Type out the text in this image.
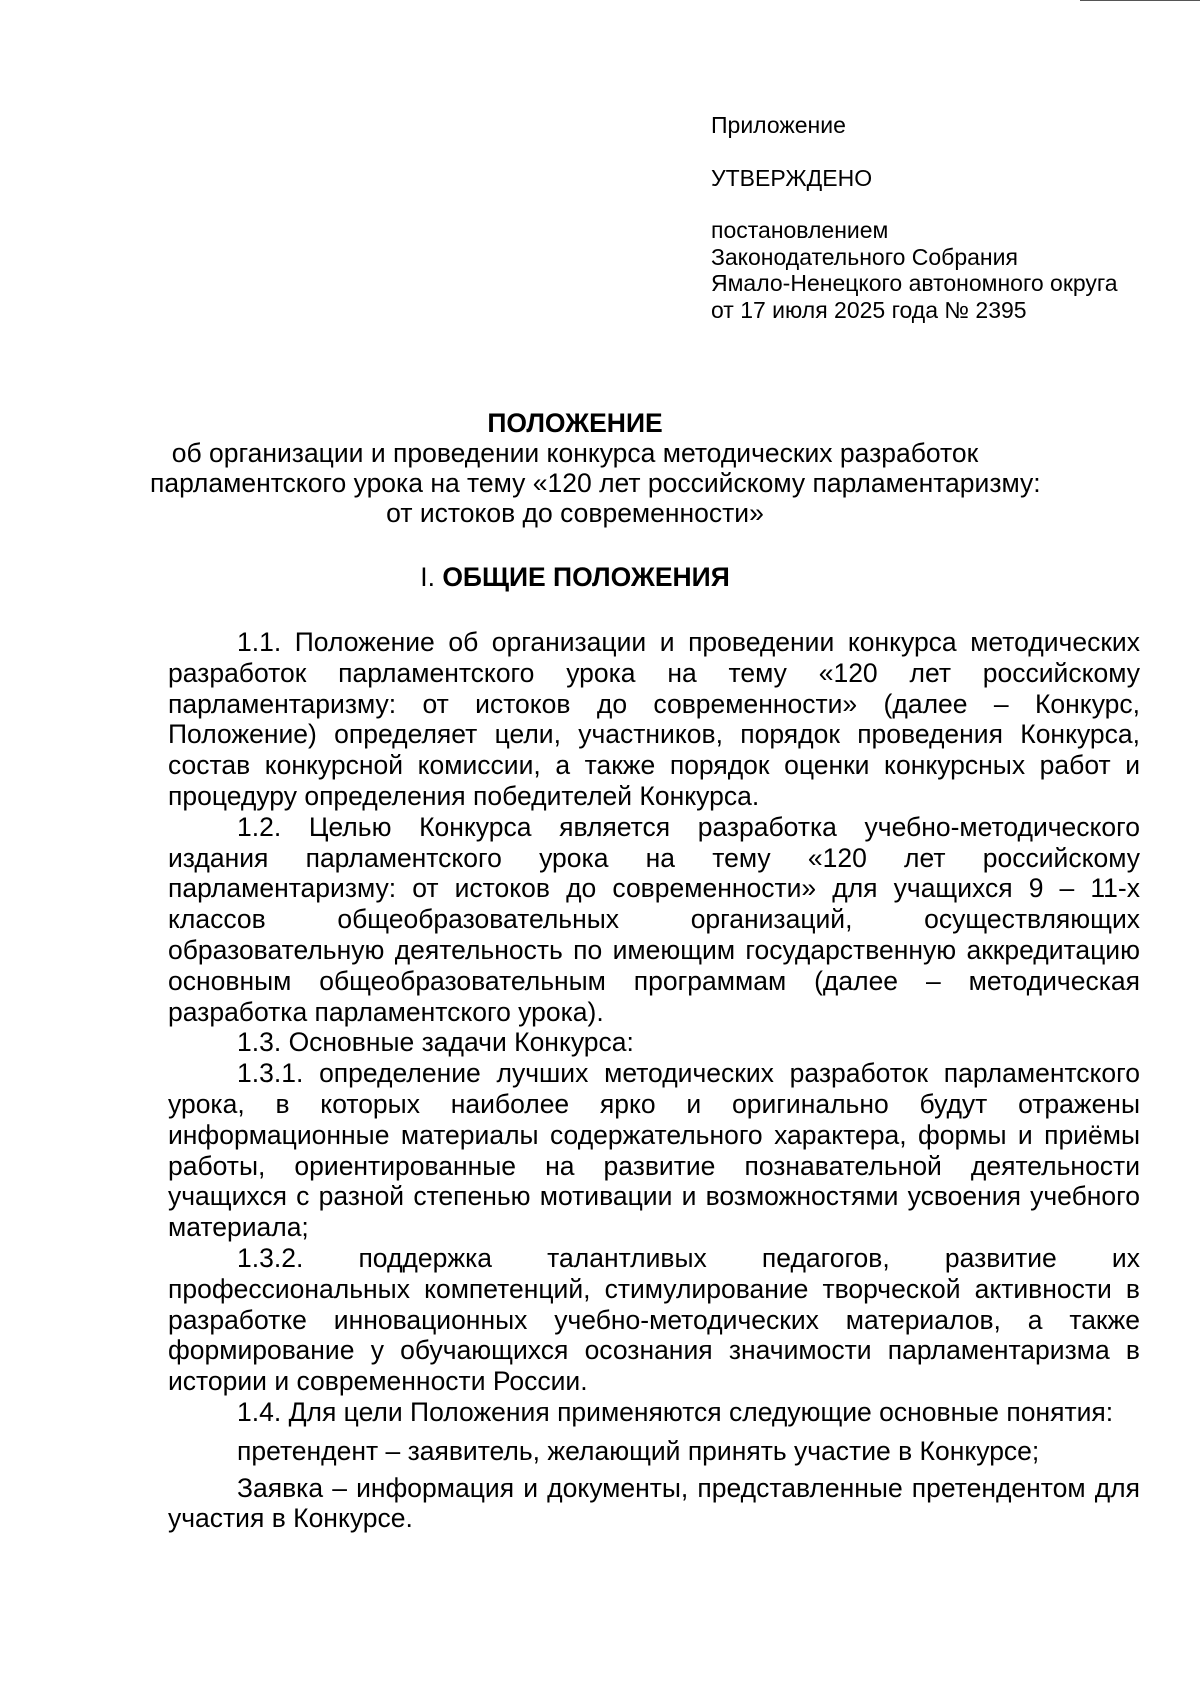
Приложение
УТВЕРЖДЕНО
постановлением
Законодательного Собрания
Ямало-Ненецкого автономного округа
от 17 июля 2025 года № 2395
ПОЛОЖЕНИЕ
об организации и проведении конкурса методических разработок
парламентского урока на тему «120 лет российскому парламентаризму:
от истоков до современности»
I. ОБЩИЕ ПОЛОЖЕНИЯ

1.1. Положение об организации и проведении конкурса методических разработок парламентского урока на тему «120 лет российскому парламентаризму: от истоков до современности» (далее – Конкурс, Положение) определяет цели, участников, порядок проведения Конкурса, состав конкурсной комиссии, а также порядок оценки конкурсных работ и процедуру определения победителей Конкурса.

1.2. Целью Конкурса является разработка учебно-методического издания парламентского урока на тему «120 лет российскому парламентаризму: от истоков до современности» для учащихся 9 – 11-х классов общеобразовательных организаций, осуществляющих образовательную деятельность по имеющим государственную аккредитацию основным общеобразовательным программам (далее – методическая разработка парламентского урока).

1.3. Основные задачи Конкурса:

1.3.1. определение лучших методических разработок парламентского урока, в которых наиболее ярко и оригинально будут отражены информационные материалы содержательного характера, формы и приёмы работы, ориентированные на развитие познавательной деятельности учащихся с разной степенью мотивации и возможностями усвоения учебного материала;

1.3.2. поддержка талантливых педагогов, развитие их профессиональных компетенций, стимулирование творческой активности в разработке инновационных учебно-методических материалов, а также формирование у обучающихся осознания значимости парламентаризма в истории и современности России.

1.4. Для цели Положения применяются следующие основные понятия:

претендент – заявитель, желающий принять участие в Конкурсе;

Заявка – информация и документы, представленные претендентом для участия в Конкурсе.
